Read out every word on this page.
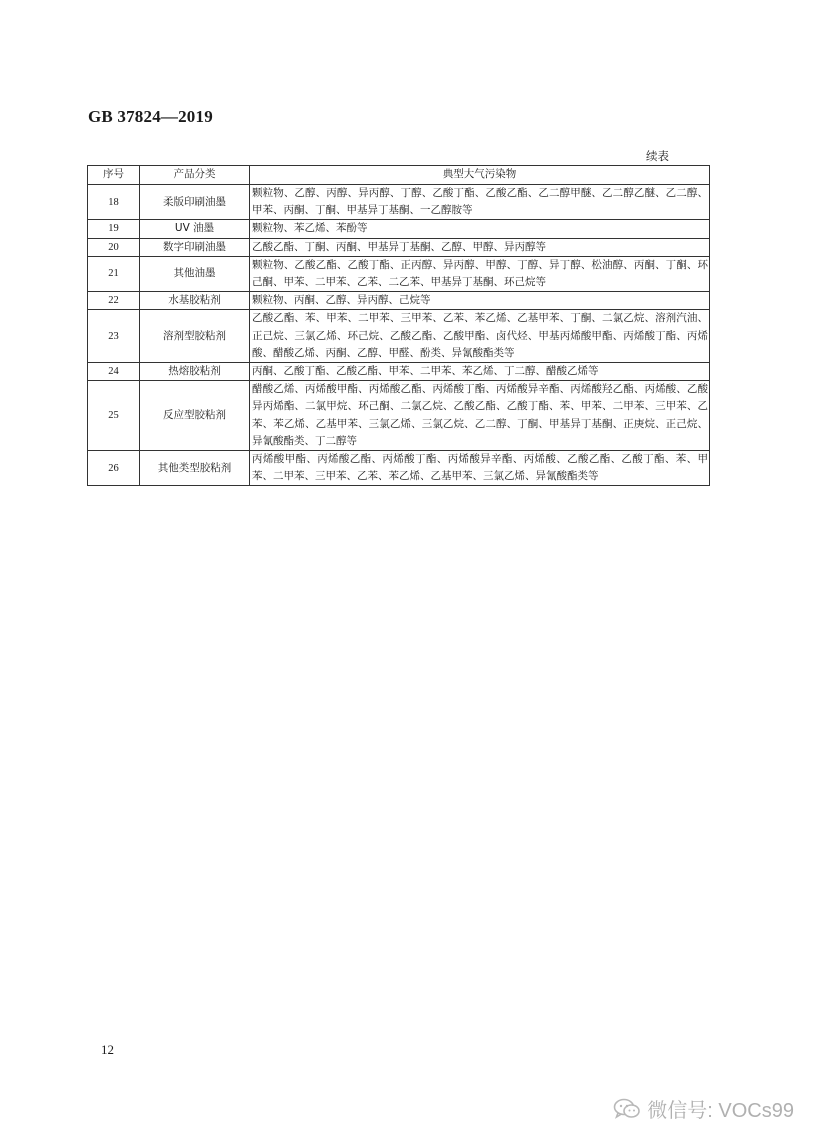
GB 37824—2019
续表
序号	产品分类	典型大气污染物
18	柔版印刷油墨	颗粒物、乙醇、丙醇、异丙醇、丁醇、乙酸丁酯、乙酸乙酯、乙二醇甲醚、乙二醇乙醚、乙二醇、甲苯、丙酮、丁酮、甲基异丁基酮、一乙醇胺等
19	UV 油墨	颗粒物、苯乙烯、苯酚等
20	数字印刷油墨	乙酸乙酯、丁酮、丙酮、甲基异丁基酮、乙醇、甲醇、异丙醇等
21	其他油墨	颗粒物、乙酸乙酯、乙酸丁酯、正丙醇、异丙醇、甲醇、丁醇、异丁醇、松油醇、丙酮、丁酮、环己酮、甲苯、二甲苯、乙苯、二乙苯、甲基异丁基酮、环己烷等
22	水基胶粘剂	颗粒物、丙酮、乙醇、异丙醇、己烷等
23	溶剂型胶粘剂	乙酸乙酯、苯、甲苯、二甲苯、三甲苯、乙苯、苯乙烯、乙基甲苯、丁酮、二氯乙烷、溶剂汽油、正己烷、三氯乙烯、环己烷、乙酸乙酯、乙酸甲酯、卤代烃、甲基丙烯酸甲酯、丙烯酸丁酯、丙烯酸、醋酸乙烯、丙酮、乙醇、甲醛、酚类、异氰酸酯类等
24	热熔胶粘剂	丙酮、乙酸丁酯、乙酸乙酯、甲苯、二甲苯、苯乙烯、丁二醇、醋酸乙烯等
25	反应型胶粘剂	醋酸乙烯、丙烯酸甲酯、丙烯酸乙酯、丙烯酸丁酯、丙烯酸异辛酯、丙烯酸羟乙酯、丙烯酸、乙酸异丙烯酯、二氯甲烷、环己酮、二氯乙烷、乙酸乙酯、乙酸丁酯、苯、甲苯、二甲苯、三甲苯、乙苯、苯乙烯、乙基甲苯、三氯乙烯、三氯乙烷、乙二醇、丁酮、甲基异丁基酮、正庚烷、正己烷、异氰酸酯类、丁二醇等
26	其他类型胶粘剂	丙烯酸甲酯、丙烯酸乙酯、丙烯酸丁酯、丙烯酸异辛酯、丙烯酸、乙酸乙酯、乙酸丁酯、苯、甲苯、二甲苯、三甲苯、乙苯、苯乙烯、乙基甲苯、三氯乙烯、异氰酸酯类等
12
微信号: VOCs99
